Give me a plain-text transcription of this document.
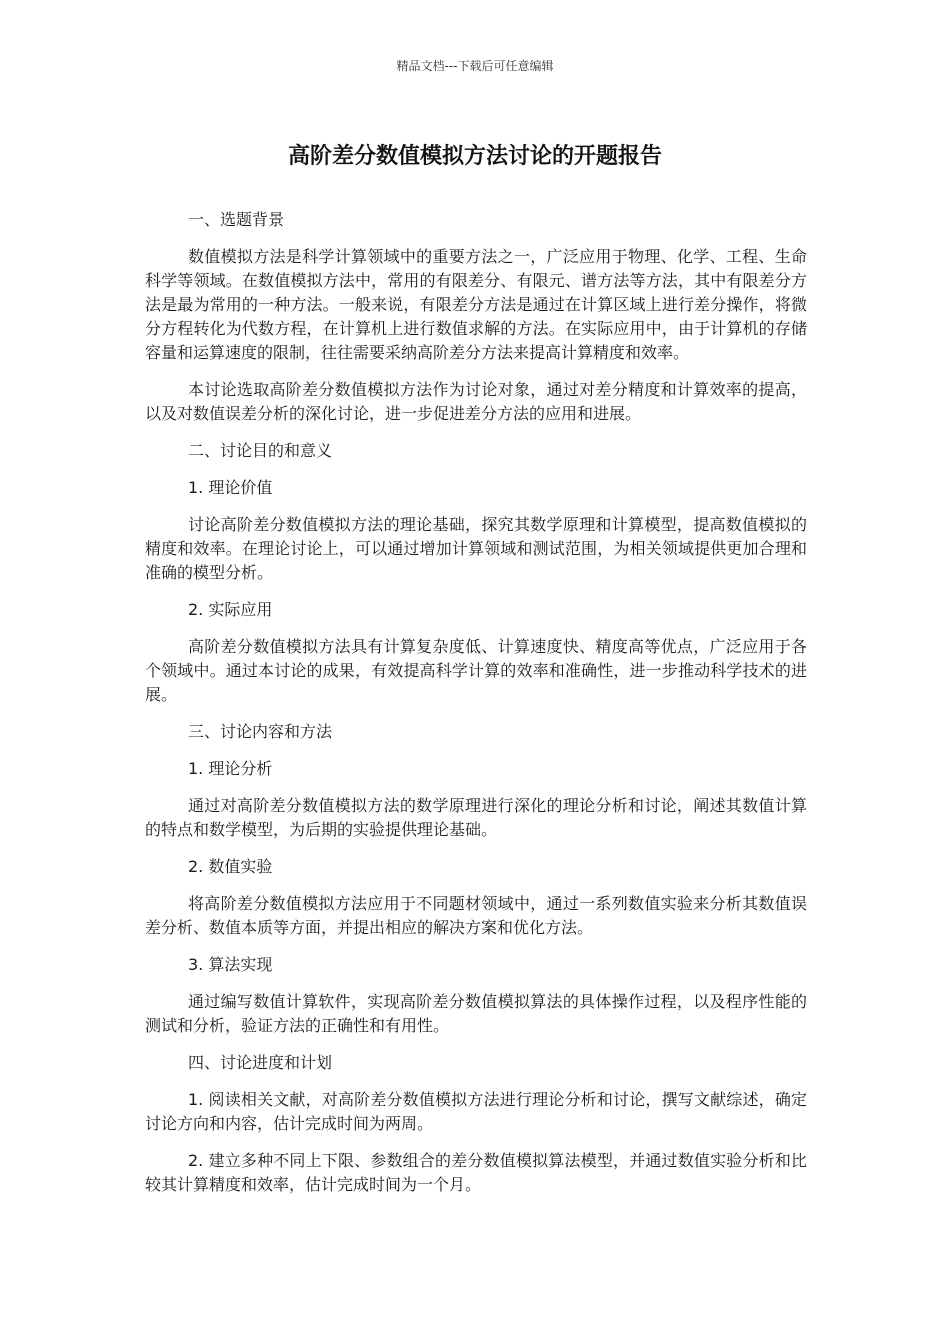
精品文档---下载后可任意编辑
高阶差分数值模拟方法讨论的开题报告

一、选题背景

数值模拟方法是科学计算领域中的重要方法之一，广泛应用于物理、化学、工程、生命科学等领域。在数值模拟方法中，常用的有限差分、有限元、谱方法等方法，其中有限差分方法是最为常用的一种方法。一般来说，有限差分方法是通过在计算区域上进行差分操作，将微分方程转化为代数方程，在计算机上进行数值求解的方法。在实际应用中，由于计算机的存储容量和运算速度的限制，往往需要采纳高阶差分方法来提高计算精度和效率。

本讨论选取高阶差分数值模拟方法作为讨论对象，通过对差分精度和计算效率的提高，以及对数值误差分析的深化讨论，进一步促进差分方法的应用和进展。

二、讨论目的和意义

1. 理论价值

讨论高阶差分数值模拟方法的理论基础，探究其数学原理和计算模型，提高数值模拟的精度和效率。在理论讨论上，可以通过增加计算领域和测试范围，为相关领域提供更加合理和准确的模型分析。

2. 实际应用

高阶差分数值模拟方法具有计算复杂度低、计算速度快、精度高等优点，广泛应用于各个领域中。通过本讨论的成果，有效提高科学计算的效率和准确性，进一步推动科学技术的进展。

三、讨论内容和方法

1. 理论分析

通过对高阶差分数值模拟方法的数学原理进行深化的理论分析和讨论，阐述其数值计算的特点和数学模型，为后期的实验提供理论基础。

2. 数值实验

将高阶差分数值模拟方法应用于不同题材领域中，通过一系列数值实验来分析其数值误差分析、数值本质等方面，并提出相应的解决方案和优化方法。

3. 算法实现

通过编写数值计算软件，实现高阶差分数值模拟算法的具体操作过程，以及程序性能的测试和分析，验证方法的正确性和有用性。

四、讨论进度和计划

1. 阅读相关文献，对高阶差分数值模拟方法进行理论分析和讨论，撰写文献综述，确定讨论方向和内容，估计完成时间为两周。

2. 建立多种不同上下限、参数组合的差分数值模拟算法模型，并通过数值实验分析和比较其计算精度和效率，估计完成时间为一个月。
